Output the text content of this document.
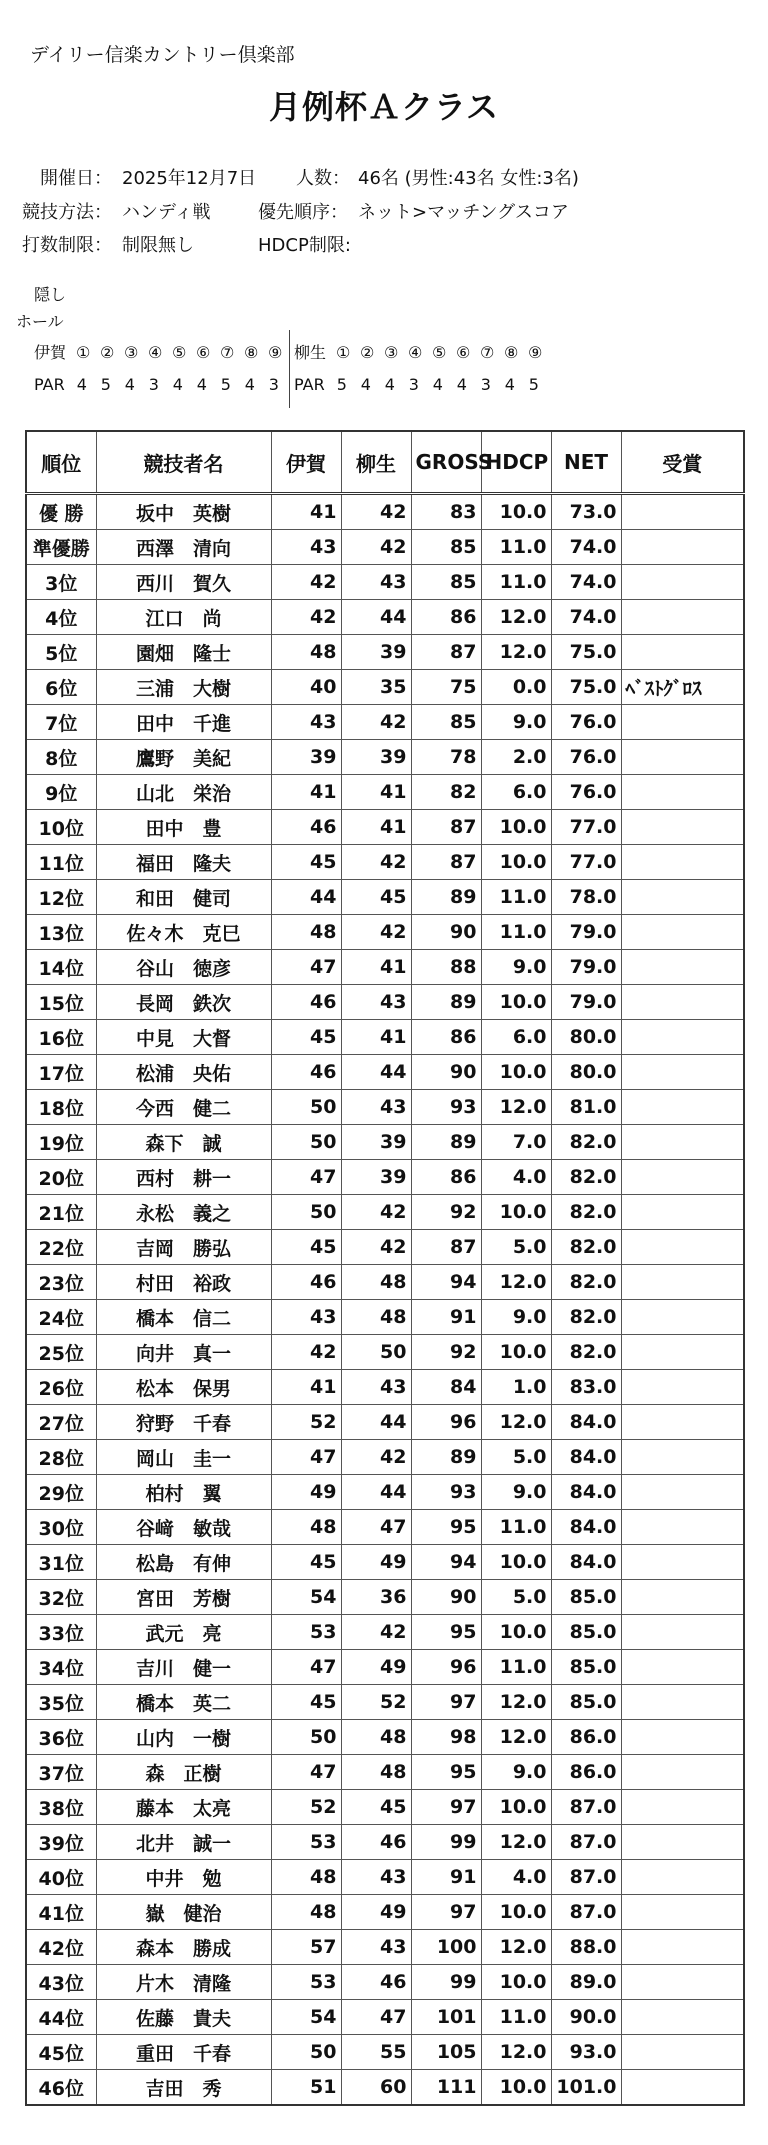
デイリー信楽カントリー倶楽部
月例杯Ａクラス
開催日： 2025年12月7日 人数： 46名 (男性:43名 女性:3名)
競技方法： ハンディ戦	優先順序： ネット>マッチングスコア
打数制限： 制限無し	HDCP制限:
隠し
ホール
伊賀 ① ② ③ ④ ⑤ ⑥ ⑦ ⑧ ⑨
PAR 4 5 4 3 4 4 5 4 3
柳生 ① ② ③ ④ ⑤ ⑥ ⑦ ⑧ ⑨
PAR 5 4 4 3 4 4 3 4 5
順位	競技者名	伊賀	柳生	GROSS	HDCP	NET	受賞
優 勝	坂中　英樹	41	42	83	10.0	73.0	
準優勝	西澤　清向	43	42	85	11.0	74.0	
3位	西川　賀久	42	43	85	11.0	74.0	
4位	江口　尚	42	44	86	12.0	74.0	
5位	園畑　隆士	48	39	87	12.0	75.0	
6位	三浦　大樹	40	35	75	0.0	75.0	ﾍﾞｽﾄｸﾞﾛｽ
7位	田中　千進	43	42	85	9.0	76.0	
8位	鷹野　美紀	39	39	78	2.0	76.0	
9位	山北　栄治	41	41	82	6.0	76.0	
10位	田中　豊	46	41	87	10.0	77.0	
11位	福田　隆夫	45	42	87	10.0	77.0	
12位	和田　健司	44	45	89	11.0	78.0	
13位	佐々木　克巳	48	42	90	11.0	79.0	
14位	谷山　徳彦	47	41	88	9.0	79.0	
15位	長岡　鉄次	46	43	89	10.0	79.0	
16位	中見　大督	45	41	86	6.0	80.0	
17位	松浦　央佑	46	44	90	10.0	80.0	
18位	今西　健二	50	43	93	12.0	81.0	
19位	森下　誠	50	39	89	7.0	82.0	
20位	西村　耕一	47	39	86	4.0	82.0	
21位	永松　義之	50	42	92	10.0	82.0	
22位	吉岡　勝弘	45	42	87	5.0	82.0	
23位	村田　裕政	46	48	94	12.0	82.0	
24位	橋本　信二	43	48	91	9.0	82.0	
25位	向井　真一	42	50	92	10.0	82.0	
26位	松本　保男	41	43	84	1.0	83.0	
27位	狩野　千春	52	44	96	12.0	84.0	
28位	岡山　圭一	47	42	89	5.0	84.0	
29位	柏村　翼	49	44	93	9.0	84.0	
30位	谷﨑　敏哉	48	47	95	11.0	84.0	
31位	松島　有伸	45	49	94	10.0	84.0	
32位	宮田　芳樹	54	36	90	5.0	85.0	
33位	武元　亮	53	42	95	10.0	85.0	
34位	吉川　健一	47	49	96	11.0	85.0	
35位	橋本　英二	45	52	97	12.0	85.0	
36位	山内　一樹	50	48	98	12.0	86.0	
37位	森　正樹	47	48	95	9.0	86.0	
38位	藤本　太亮	52	45	97	10.0	87.0	
39位	北井　誠一	53	46	99	12.0	87.0	
40位	中井　勉	48	43	91	4.0	87.0	
41位	嶽　健治	48	49	97	10.0	87.0	
42位	森本　勝成	57	43	100	12.0	88.0	
43位	片木　清隆	53	46	99	10.0	89.0	
44位	佐藤　貴夫	54	47	101	11.0	90.0	
45位	重田　千春	50	55	105	12.0	93.0	
46位	吉田　秀	51	60	111	10.0	101.0	
